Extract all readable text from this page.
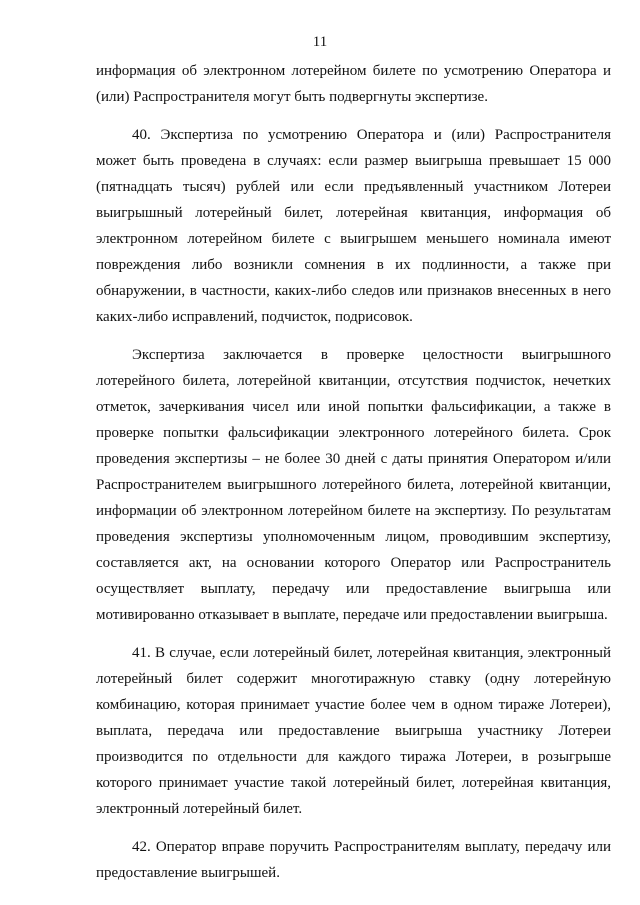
11

информация об электронном лотерейном билете по усмотрению Оператора и (или) Распространителя могут быть подвергнуты экспертизе.

40. Экспертиза по усмотрению Оператора и (или) Распространителя может быть проведена в случаях: если размер выигрыша превышает 15 000 (пятнадцать тысяч) рублей или если предъявленный участником Лотереи выигрышный лотерейный билет, лотерейная квитанция, информация об электронном лотерейном билете с выигрышем меньшего номинала имеют повреждения либо возникли сомнения в их подлинности, а также при обнаружении, в частности, каких-либо следов или признаков внесенных в него каких-либо исправлений, подчисток, подрисовок.

Экспертиза заключается в проверке целостности выигрышного лотерейного билета, лотерейной квитанции, отсутствия подчисток, нечетких отметок, зачеркивания чисел или иной попытки фальсификации, а также в проверке попытки фальсификации электронного лотерейного билета. Срок проведения экспертизы – не более 30 дней с даты принятия Оператором и/или Распространителем выигрышного лотерейного билета, лотерейной квитанции, информации об электронном лотерейном билете на экспертизу. По результатам проведения экспертизы уполномоченным лицом, проводившим экспертизу, составляется акт, на основании которого Оператор или Распространитель осуществляет выплату, передачу или предоставление выигрыша или мотивированно отказывает в выплате, передаче или предоставлении выигрыша.

41. В случае, если лотерейный билет, лотерейная квитанция, электронный лотерейный билет содержит многотиражную ставку (одну лотерейную комбинацию, которая принимает участие более чем в одном тираже Лотереи), выплата, передача или предоставление выигрыша участнику Лотереи производится по отдельности для каждого тиража Лотереи, в розыгрыше которого принимает участие такой лотерейный билет, лотерейная квитанция, электронный лотерейный билет.

42. Оператор вправе поручить Распространителям выплату, передачу или предоставление выигрышей.
